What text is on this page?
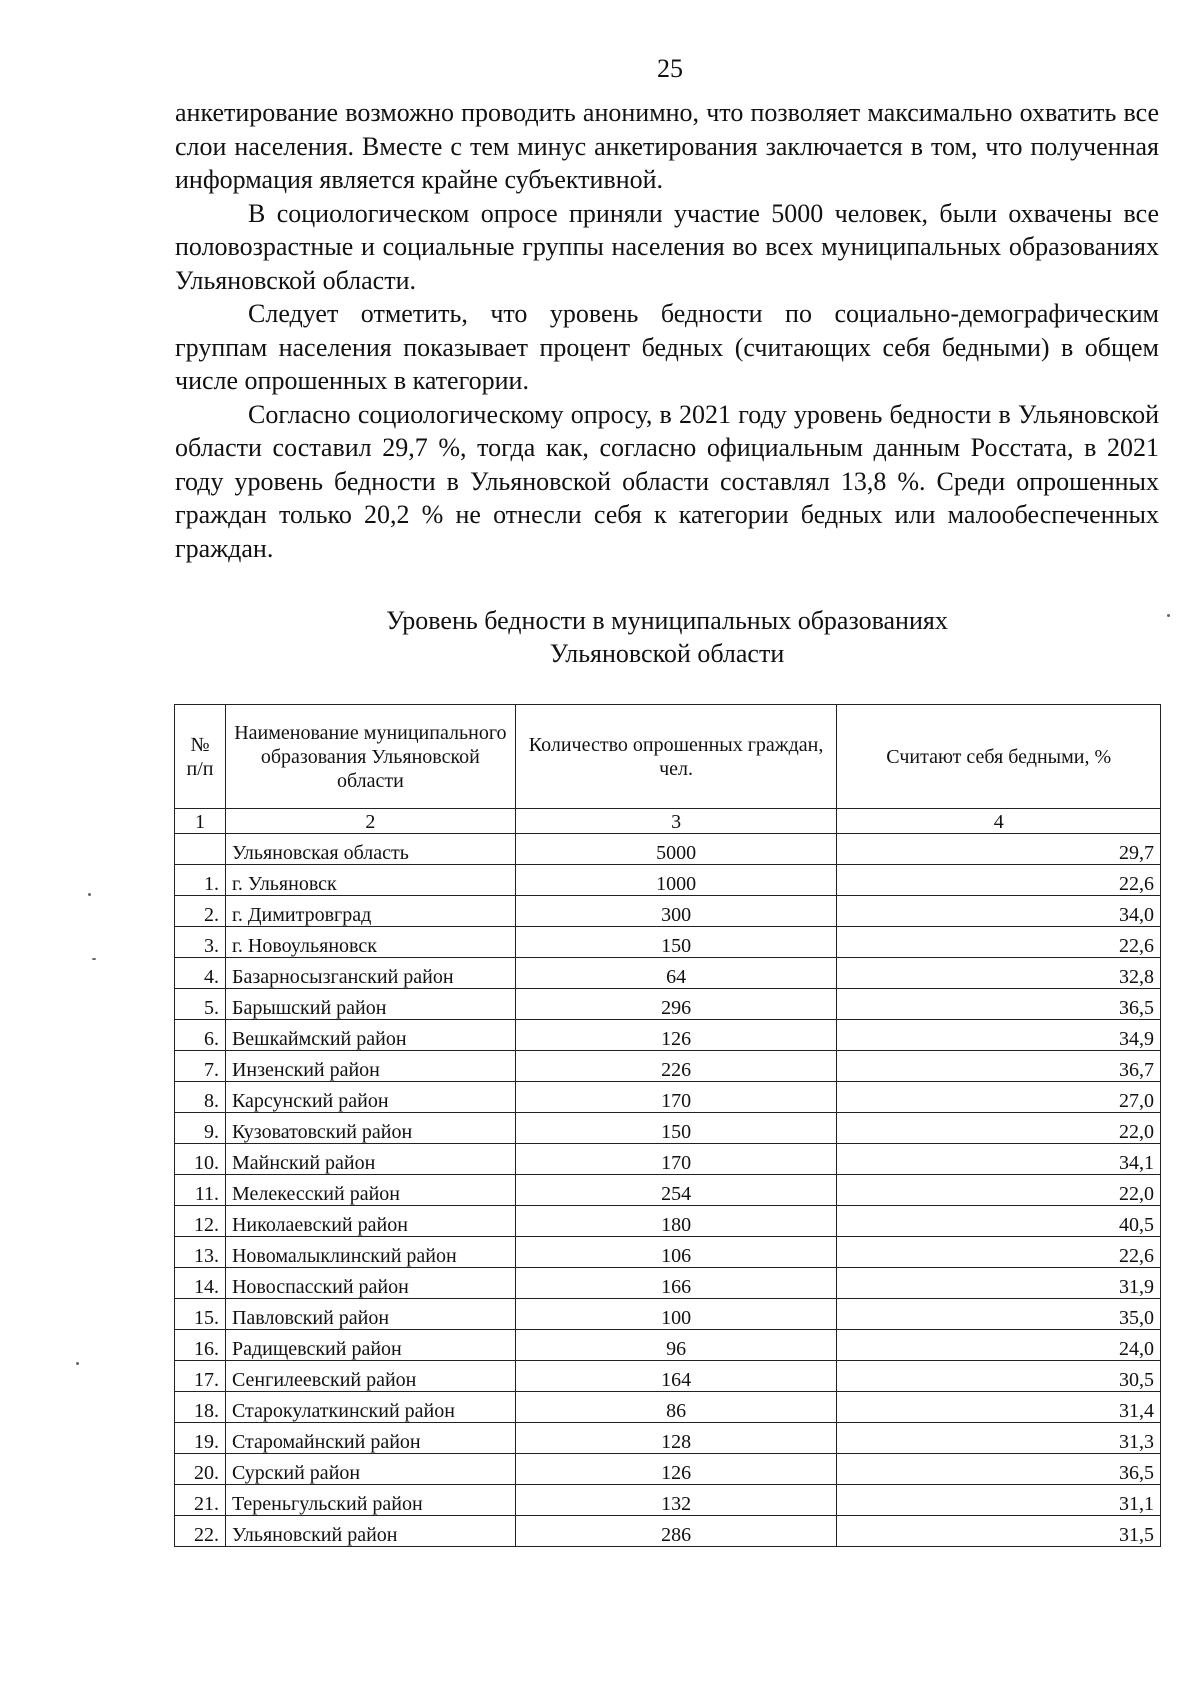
25

анкетирование возможно проводить анонимно, что позволяет максимально охватить все слои населения. Вместе с тем минус анкетирования заключается в том, что полученная информация является крайне субъективной.

В социологическом опросе приняли участие 5000 человек, были охвачены все половозрастные и социальные группы населения во всех муниципальных образованиях Ульяновской области.

Следует отметить, что уровень бедности по социально-демографическим группам населения показывает процент бедных (считающих себя бедными) в общем числе опрошенных в категории.

Согласно социологическому опросу, в 2021 году уровень бедности в Ульяновской области составил 29,7 %, тогда как, согласно официальным данным Росстата, в 2021 году уровень бедности в Ульяновской области составлял 13,8 %. Среди опрошенных граждан только 20,2 % не отнесли себя к категории бедных или малообеспеченных граждан.

Уровень бедности в муниципальных образованиях
Ульяновской области
№ п/п	Наименование муниципального образования Ульяновской области	Количество опрошенных граждан, чел.	Считают себя бедными, %
1	2	3	4
	Ульяновская область	5000	29,7
1.	г. Ульяновск	1000	22,6
2.	г. Димитровград	300	34,0
3.	г. Новоульяновск	150	22,6
4.	Базарносызганский район	64	32,8
5.	Барышский район	296	36,5
6.	Вешкаймский район	126	34,9
7.	Инзенский район	226	36,7
8.	Карсунский район	170	27,0
9.	Кузоватовский район	150	22,0
10.	Майнский район	170	34,1
11.	Мелекесский район	254	22,0
12.	Николаевский район	180	40,5
13.	Новомалыклинский район	106	22,6
14.	Новоспасский район	166	31,9
15.	Павловский район	100	35,0
16.	Радищевский район	96	24,0
17.	Сенгилеевский район	164	30,5
18.	Старокулаткинский район	86	31,4
19.	Старомайнский район	128	31,3
20.	Сурский район	126	36,5
21.	Тереньгульский район	132	31,1
22.	Ульяновский район	286	31,5
